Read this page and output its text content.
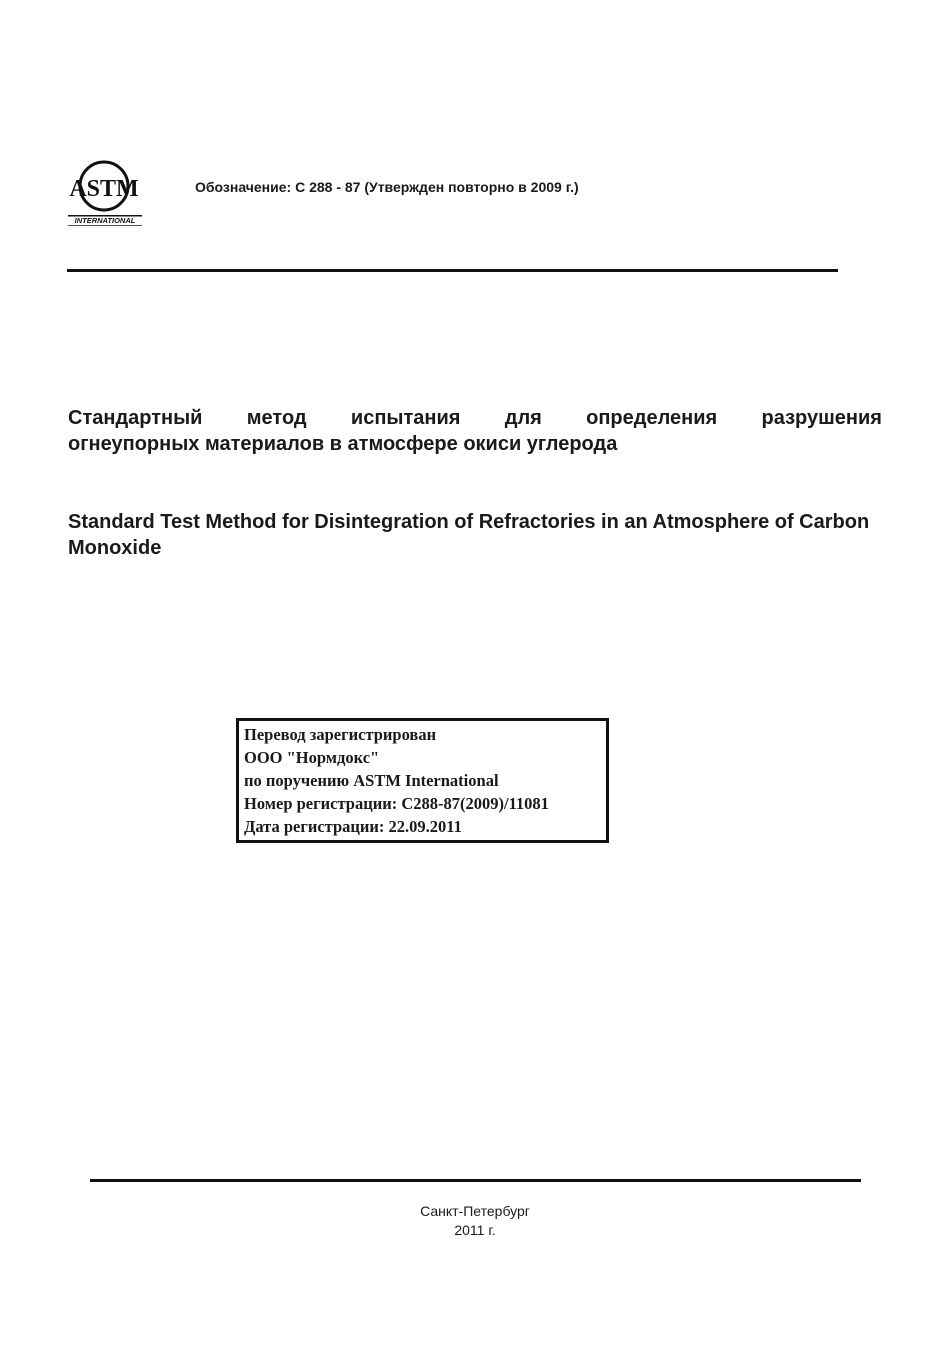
ASTM
INTERNATIONAL
Обозначение: С 288 - 87 (Утвержден повторно в 2009 г.)
Стандартный метод испытания для определения разрушения
огнеупорных материалов в атмосфере окиси углерода
Standard Test Method for Disintegration of Refractories in an Atmosphere of Carbon Monoxide
Перевод зарегистрирован
ООО "Нормдокс"
по поручению ASTM International
Номер регистрации: C288-87(2009)/11081
Дата регистрации: 22.09.2011
Санкт-Петербург
2011 г.
